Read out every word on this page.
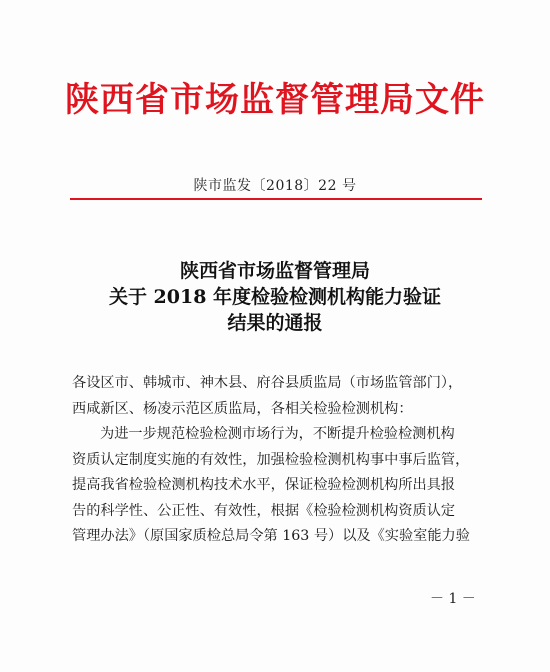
陕西省市场监督管理局文件
陕市监发〔2018〕22 号
陕西省市场监督管理局
关于 2018 年度检验检测机构能力验证
结果的通报
各设区市、韩城市、神木县、府谷县质监局（市场监管部门），
西咸新区、杨凌示范区质监局，各相关检验检测机构：
为进一步规范检验检测市场行为，不断提升检验检测机构
资质认定制度实施的有效性，加强检验检测机构事中事后监管，
提高我省检验检测机构技术水平，保证检验检测机构所出具报
告的科学性、公正性、有效性，根据《检验检测机构资质认定
管理办法》（原国家质检总局令第 163 号）以及《实验室能力验
－ 1 －
